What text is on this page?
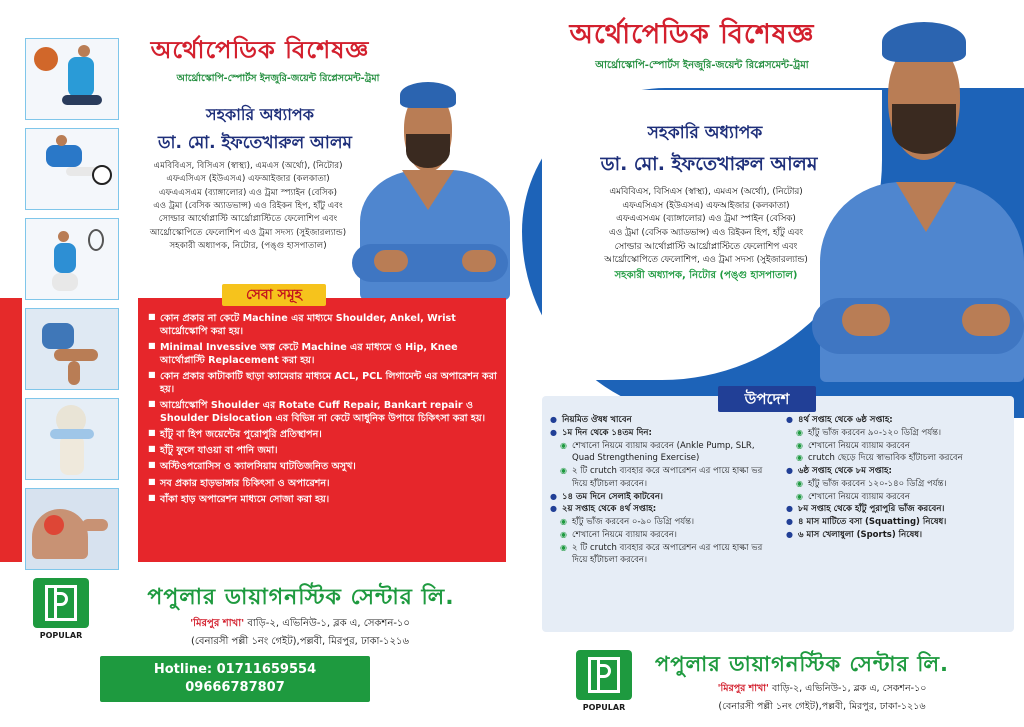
অর্থোপেডিক বিশেষজ্ঞ
আর্থ্রোস্কোপি-স্পোর্টস ইনজুরি-জয়েন্ট রিপ্লেসমেন্ট-ট্রমা
সহকারি অধ্যাপক
ডা. মো. ইফতেখারুল আলম

এমবিবিএস, বিসিএস (স্বাস্থ্য), এমএস (অর্থো), (নিটোর)

এফএসিএস (ইউএসএ) এফআইজার (কলকাতা)

এফএএসএম (ব্যাঙ্গালোর) এও ট্রমা স্প্যাইন (বেসিক)

এও ট্রমা (বেসিক অ্যাডভান্স) এও রিইকন হিপ, হাঁটু এবং

সোল্ডার আর্থোপ্লাস্টি আর্থ্রোপ্লাস্টিতে ফেলোশিপ এবং

আর্থ্রোস্কোপিতে ফেলোশিপ এও ট্রমা সদস্য (সুইজারল্যান্ড)

সহকারী অধ্যাপক, নিটোর, (পঙ্গু হাসপাতাল)

■ কোন প্রকার না কেটে Machine এর মাধ্যমে Shoulder, Ankel, Wrist আর্থ্রোস্কোপি করা হয়।
■ Minimal Invessive অল্প কেটে Machine এর মাধ্যমে ও Hip, Knee আর্থোপ্লাস্টি Replacement করা হয়।
■ কোন প্রকার কাটাকাটি ছাড়া ক্যামেরার মাধ্যমে ACL, PCL লিগামেন্ট এর অপারেশন করা হয়।
■ আর্থ্রোস্কোপি Shoulder এর Rotate Cuff Repair, Bankart repair ও Shoulder Dislocation এর বিভিন্ন না কেটে আধুনিক উপায়ে চিকিৎসা করা হয়।
■ হাঁটু বা হিপ জয়েন্টের পুরোপুরি প্রতিস্থাপন।
■ হাঁটু ফুলে যাওয়া বা পানি জমা।
■ অস্টিওপরোসিস ও ক্যালসিয়াম ঘাটতিজনিত অসুখ।
■ সব প্রকার হাড়ভাঙ্গার চিকিৎসা ও অপারেশন।
■ বাঁকা হাড় অপারেশন মাধ্যমে সোজা করা হয়।
সেবা সমূহ
POPULAR
পপুলার ডায়াগনস্টিক সেন্টার লি.
'মিরপুর শাখা' বাড়ি-২, এভিনিউ-১, ব্লক এ, সেকশন-১০
(বেনারসী পল্লী ১নং গেইট),পল্লবী, মিরপুর, ঢাকা-১২১৬
Hotline: 01711659554
09666787807
অর্থোপেডিক বিশেষজ্ঞ
আর্থ্রোস্কোপি-স্পোর্টস ইনজুরি-জয়েন্ট রিপ্লেসমেন্ট-ট্রমা
সহকারি অধ্যাপক
ডা. মো. ইফতেখারুল আলম

এমবিবিএস, বিসিএস (স্বাস্থ্য), এমএস (অর্থো), (নিটোর)

এফএসিএস (ইউএসএ) এফআইজার (কলকাতা)

এফএএসএম (ব্যাঙ্গালোর) এও ট্রমা স্পাইন (বেসিক)

এও ট্রমা (বেসিক অ্যাডভান্স) এও রিইকন হিপ, হাঁটু এবং

সোল্ডার আর্থোপ্লাস্টি আর্থ্রোপ্লাস্টিতে ফেলোশিপ এবং

আর্থ্রোস্কোপিতে ফেলোশিপ, এও ট্রমা সদস্য (সুইজারল্যান্ড)

সহকারী অধ্যাপক, নিটোর (পঙ্গু হাসপাতাল)

● নিয়মিত ঔষধ খাবেন
● ১ম দিন থেকে ১৪তম দিন:
◉ শেখানো নিয়মে ব্যায়াম করবেন (Ankle Pump, SLR, Quad Strengthening Exercise)
◉ ২ টি crutch ব্যবহার করে অপারেশন এর পায়ে হাল্কা ভর দিয়ে হাঁটাচলা করবেন।
● ১৪ তম দিনে সেলাই কাটবেন।
● ২য় সপ্তাহ থেকে ৪র্থ সপ্তাহ:
◉ হাঁটু ভাঁজ করবেন ০-৯০ ডিগ্রি পর্যন্ত।
◉ শেখানো নিয়মে ব্যায়াম করবেন।
◉ ২ টি crutch ব্যবহার করে অপারেশন এর পায়ে হাল্কা ভর দিয়ে হাঁটাচলা করবেন।
● ৪র্থ সপ্তাহ থেকে ৬ষ্ঠ সপ্তাহ:
◉ হাঁটু ভাঁজ করবেন ৯০-১২০ ডিগ্রি পর্যন্ত।
◉ শেখানো নিয়মে ব্যায়াম করবেন
◉ crutch ছেড়ে দিয়ে স্বাভাবিক হাঁটাচলা করবেন
● ৬ষ্ঠ সপ্তাহ থেকে ৮ম সপ্তাহ:
◉ হাঁটু ভাঁজ করবেন ১২০-১৪০ ডিগ্রি পর্যন্ত।
◉ শেখানো নিয়মে ব্যায়াম করবেন
● ৮ম সপ্তাহ থেকে হাঁটু পুরাপুরি ভাঁজ করবেন।
● ৪ মাস মাটিতে বসা (Squatting) নিষেধ।
● ৬ মাস খেলাধুলা (Sports) নিষেধ।
উপদেশ
POPULAR
পপুলার ডায়াগনস্টিক সেন্টার লি.
'মিরপুর শাখা' বাড়ি-২, এভিনিউ-১, ব্লক এ, সেকশন-১০
(বেনারসী পল্লী ১নং গেইট),পল্লবী, মিরপুর, ঢাকা-১২১৬
